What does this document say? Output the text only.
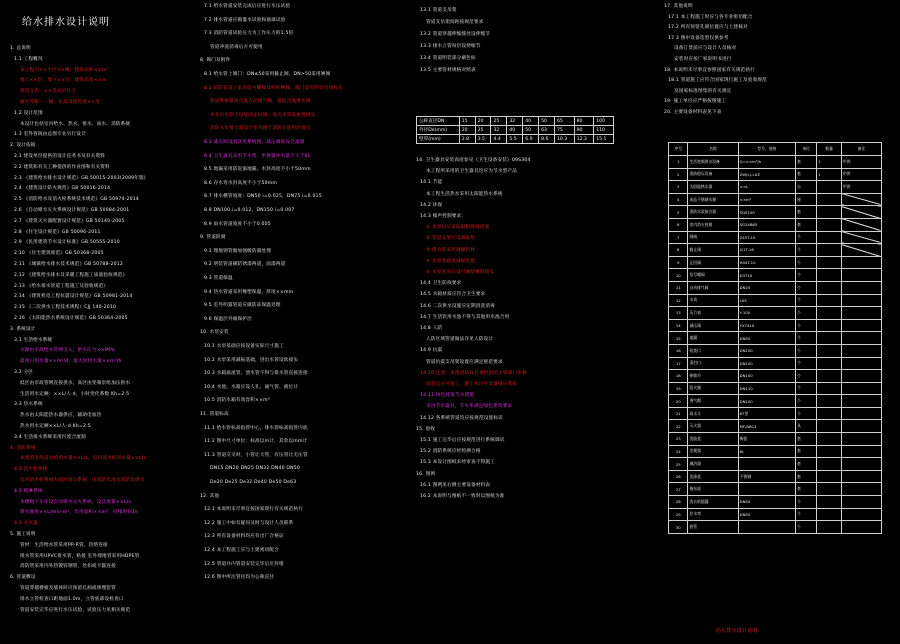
给水排水设计说明
1. 总说明
1.1 工程概况
本工程为××小区××楼，建筑面积××m²
地上××层，地下××层，建筑高度××m
建筑分类：××类高层住宅
耐火等级：一级，抗震设防烈度××度
1.2 设计范围
本设计包括室内给水、热水、排水、雨水、消防系统
1.3 室外管线由总图专业另行设计
2. 设计依据
2.1 建设单位提供的设计任务书及有关资料
2.2 建筑和有关工种提供的作业图和有关资料
2.3 《建筑给水排水设计规范》GB 50015-2003(2009年版)
2.4 《建筑设计防火规范》GB 50016-2014
2.5 《消防给水及消火栓系统技术规范》GB 50974-2014
2.6 《自动喷水灭火系统设计规范》GB 50084-2001
2.7 《建筑灭火器配置设计规范》GB 50140-2005
2.8 《住宅设计规范》GB 50096-2011
2.9 《民用建筑节水设计标准》GB 50555-2010
2.10 《住宅建筑规范》GB 50368-2005
2.11 《城镇给水排水技术规范》GB 50788-2012
2.12 《建筑给水排水及采暖工程施工质量验收规范》
2.13 《给水排水管道工程施工及验收规范》
2.14 《建筑机电工程抗震设计规范》GB 50981-2014
2.15 《二次供水工程技术规程》CJJ 140-2010
2.16 《太阳能热水系统设计规范》GB 50364-2005
3. 系统设计
3.1 生活给水系统
水源由市政给水管网引入，供水压力××MPa
最高日用水量××m³/d，最大时用水量××m³/h
3.2 分区
低区由市政管网直接供水，高区由变频泵组加压供水
生活用水定额：××L/人·d，小时变化系数 Kh=2.5
3.3 热水系统
热水由太阳能热水器供应，辅助电加热
热水用水定额××L/人·d Kh=2.5
3.4 生活排水系统采用污废合流制
4. 消防系统
本建筑室外消火栓用水量××L/s，室内消火栓用水量××L/s
4.1 消火栓系统
室内消火栓系统为临时高压系统，由消防水池及消防泵供水
4.2 喷淋系统
本楼地下车库设自动喷水灭火系统，设计流量××L/s
喷水强度××L/min·m²，作用面积××m²，持续时间1h
4.3 灭火器
5. 施工说明
管材：生活给水管采用PP-R管，热熔连接
排水管采用UPVC排水管，粘接 室外埋地管采用HDPE管
消防管采用内外热镀锌钢管，丝扣或卡箍连接
6. 管道敷设
管道穿越楼板及墙体时应预留孔洞或预埋套管
排水立管检查口距地面1.0m，立管底部设检查口
管道安装完毕应进行水压试验，试验压力见相关规范
7.1 给水管道安装完成后应进行水压试验
7.2 排水管道应做灌水试验和通球试验
7.3 消防管道试验压力为工作压力的1.5倍
管道冲洗消毒后方可使用
8. 阀门及附件
8.1 给水管上阀门：DN≤50采用截止阀，DN>50采用闸阀
8.2 消防管道上采用信号蝶阀及明杆闸阀，阀门需有明显启闭标志
管道系统最高点设自动排气阀，最低点设泄水阀
水泵出水管上设缓闭止回阀，进出水管设柔性接头
消防水泵接合器设于室外便于消防车使用的地点
8.3 减压阀设置详见系统图，减压阀前设过滤器
8.4 卫生器具采用节水型，坐便器冲水量不大于6L
8.5 地漏采用防返溢地漏，水封高度不小于50mm
8.6 存水弯水封高度不小于50mm
8.7 排水横管坡度：DN50 i=0.025，DN75 i=0.015
8.8 DN100 i=0.012，DN150 i=0.007
8.9 雨水管道坡度不小于0.005
9. 管道防腐
9.1 埋地钢管做加强级防腐处理
9.2 明装管道刷防锈漆两道，面漆两道
9.3 管道保温
9.4 热水管道采用橡塑保温，厚度××mm
9.5 室外明露管道应做防冻保温处理
9.6 保温层外做保护层
10. 水泵安装
10.1 水泵基础应按设备实际尺寸施工
10.2 水泵采用减振基础，进出水管设软接头
10.3 水箱溢流管、泄水管不得与排水管直接连接
10.4 水池、水箱应设人孔、通气管、液位计
10.5 消防水箱有效容积××m³
11. 管道标高
11.1 给水管标高指管中心，排水管标高指管内底
11.2 图中尺寸单位：标高以m计，其余以mm计
11.3 管道交叉时，小管让大管，有压管让无压管
DN15 DN20 DN25 DN32 DN40 DN50
De20 De25 De32 De40 De50 De63
12. 其他
12.1 本说明未尽事宜按国家现行有关规范执行
12.2 施工中如有疑问及时与设计人员联系
12.3 所有设备材料均应有出厂合格证
12.4 本工程施工应与土建密切配合
12.5 管道井内管道安装完毕后应封堵
12.6 图中所注管径均为公称直径
13.1 管道支吊架
管道支吊架间距按规范要求
13.2 管道穿越伸缩缝处设伸缩节
13.3 排水立管每层设伸缩节
13.4 管道明装部分刷色标
13.5 主要管材规格对照表
14. 卫生器具安装高度参见《卫生设备安装》09S304
本工程所采用的卫生器具均应为节水型产品
14.1 节能
本工程生活热水采用太阳能热水系统
14.2 环保
14.3 噪声控制要求：
① 水泵房应采取隔振降噪措施
② 管道支架应设减振垫
③ 排水管采用降噪管材
④ 水泵基础设减振装置
⑤ 水泵进出口设可曲挠橡胶接头
14.4 卫生防疫要求
14.5 水箱材质应符合卫生要求
14.6 二次供水设施应定期清洗消毒
14.7 生活饮用水池不得与其他用水池合用
14.8 人防
人防区域管道做法详见人防设计
14.9 抗震
管道抗震支吊架设置应满足规范要求
14.10 注意：本图消防设计须经消防主管部门审核
同意后方可施工，施工单位应具备相应资质
14.11 绿色建筑节水措施
采用节水器具，节水率满足绿色建筑要求
14.12 各系统管道均应按规范设置标识
15. 验收
15.1 施工完毕后应按规范进行系统调试
15.2 消防系统应经检测合格
15.3 本设计图纸未经审查不得施工
16. 图例
16.1 图例见右侧主要设备材料表
16.2 本说明与图纸不一致时以图纸为准
公称直径DN	15	20	25	32	40	50	65	80	100
外径De(mm)	20	25	32	40	50	63	75	90	110
壁厚(mm)	2.8	3.5	4.4	5.5	6.9	8.6	10.3	12.3	15.1
17. 其他说明
17.1 本工程施工时应与各专业密切配合
17.2 所有预留孔洞位置应与土建核对
17.3 图中设备选型仅供参考
设备订货前应与设计人员核对
安装时应按厂家说明书进行
18. 本说明未尽事宜参照国家有关规范执行
18.1 管道施工应符合国家现行施工及验收规范
及国家标准图集的有关规定
19. 施工单位应严格按图施工
20. 主要设备材料表见下表
序号	名称	型号、规格	单位	数量	备注
1	生活变频供水设备	Q=××m³/h	套	1	甲供
2	消防稳压设备	ZW(L)-I-XZ	套	1	甲供
3	太阳能热水器	××L	台		甲供
4	成品不锈钢水箱	××m³	座		
5	消防水泵接合器	SQS100	套		
6	室内消火栓箱	SG24B65	套		
7	闸阀	Z45T-10	个		
8	截止阀	J11T-16	个		
9	止回阀	H44T-10	个		
10	信号蝶阀	D371X	个		
11	自动排气阀	DN25	个		
12	水表	LXS	个		
13	压力表	Y-100	个		
14	减压阀	YX741X	个		
15	地漏	DN50	个		
16	检查口	DN100	个		
17	清扫口	DN100	个		
18	伸缩节	DN100	个		
19	阻火圈	DN110	个		
20	透气帽	DN100	个		
21	雨水斗	87型	个		
22	灭火器	MF/ABC4	具		
23	洗脸盆	陶瓷	套		
24	坐便器	6L	套		
25	淋浴器		套		
26	洗涤盆	不锈钢	套		
27	拖布池		套		
28	洗衣机地漏	DN50	个		
29	存水弯	DN50	个		
30	套管		个		
给水排水设计说明
